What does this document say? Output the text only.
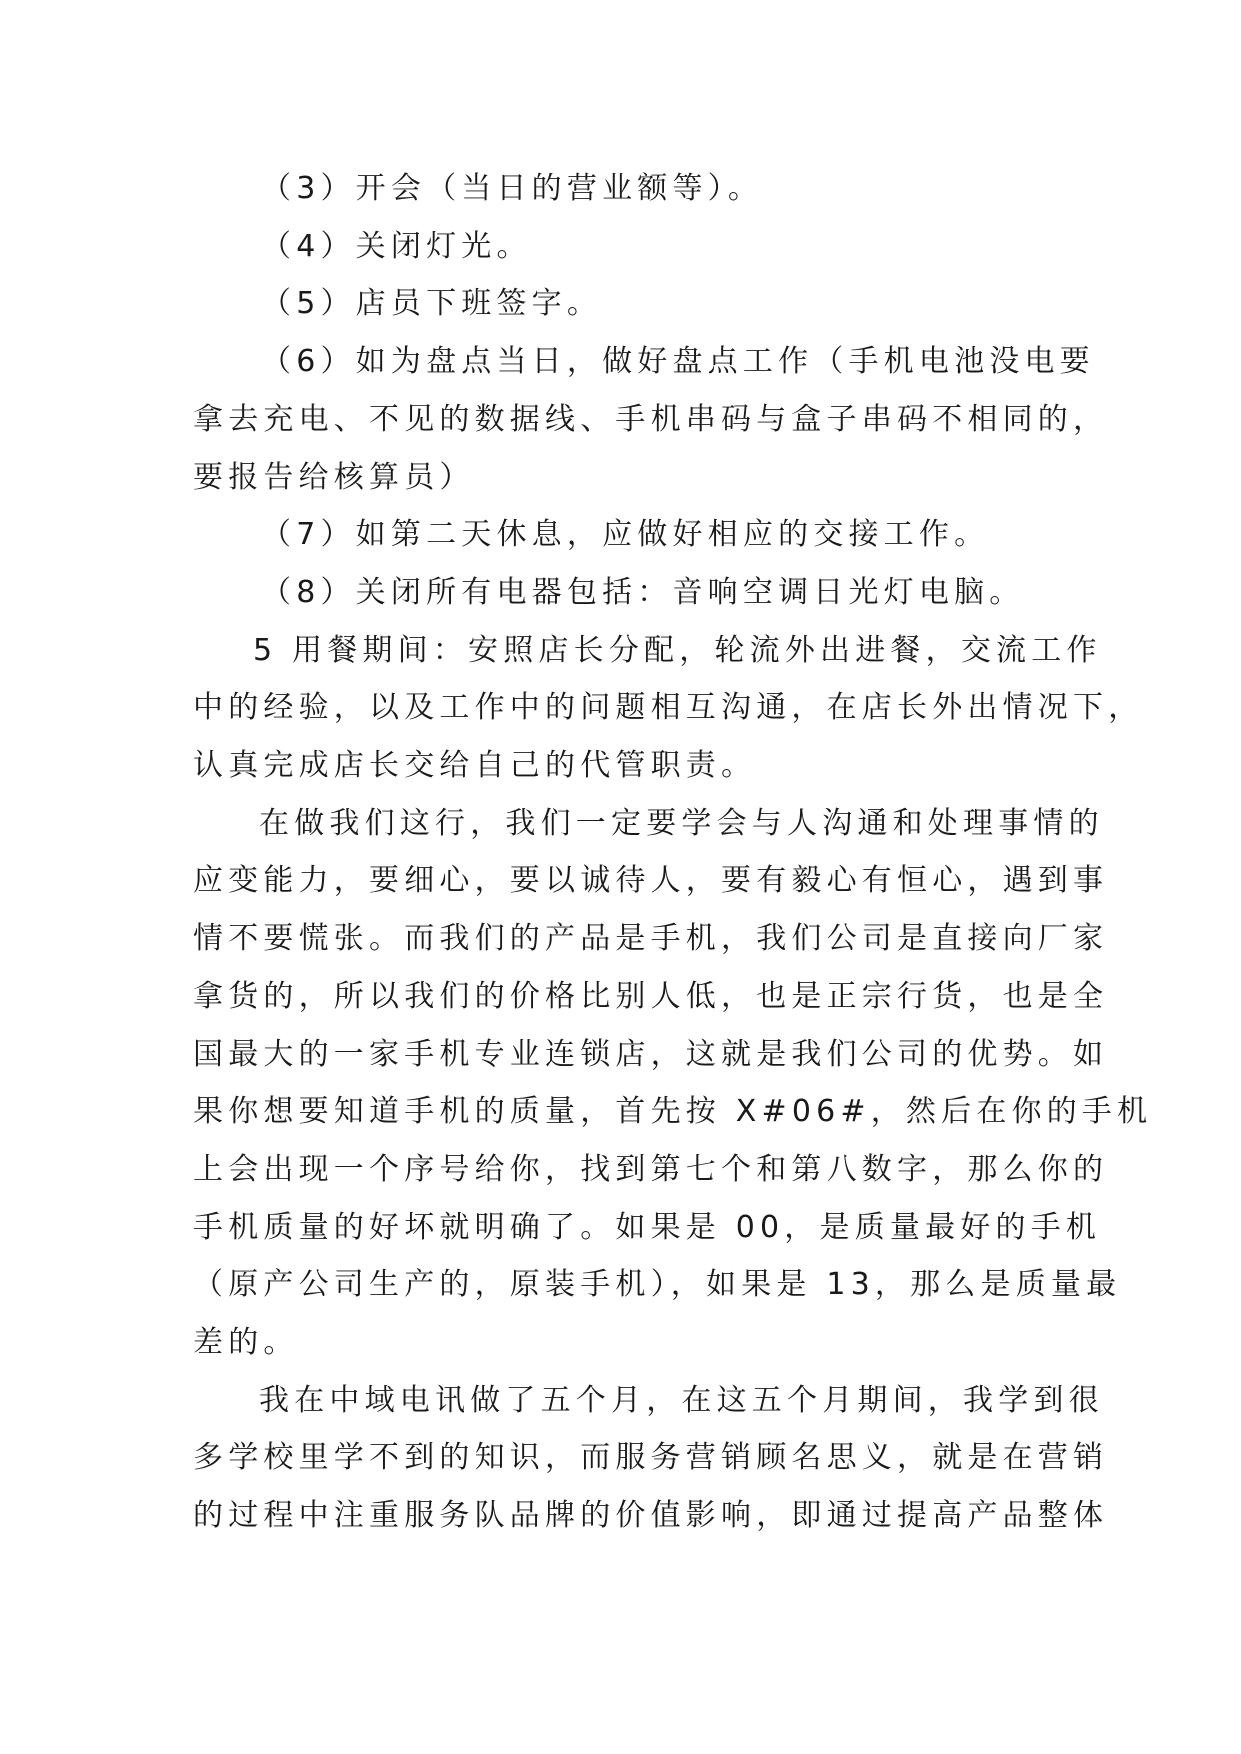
（3）开会（当日的营业额等）。

（4）关闭灯光。

（5）店员下班签字。

（6）如为盘点当日，做好盘点工作（手机电池没电要

拿去充电、不见的数据线、手机串码与盒子串码不相同的，

要报告给核算员）

（7）如第二天休息，应做好相应的交接工作。

（8）关闭所有电器包括：音响空调日光灯电脑。

5 用餐期间：安照店长分配，轮流外出进餐，交流工作

中的经验，以及工作中的问题相互沟通，在店长外出情况下，

认真完成店长交给自己的代管职责。

在做我们这行，我们一定要学会与人沟通和处理事情的

应变能力，要细心，要以诚待人，要有毅心有恒心，遇到事

情不要慌张。而我们的产品是手机，我们公司是直接向厂家

拿货的，所以我们的价格比别人低，也是正宗行货，也是全

国最大的一家手机专业连锁店，这就是我们公司的优势。如

果你想要知道手机的质量，首先按 X#06#，然后在你的手机

上会出现一个序号给你，找到第七个和第八数字，那么你的

手机质量的好坏就明确了。如果是 00，是质量最好的手机

（原产公司生产的，原装手机），如果是 13，那么是质量最

差的。

我在中域电讯做了五个月，在这五个月期间，我学到很

多学校里学不到的知识，而服务营销顾名思义，就是在营销

的过程中注重服务队品牌的价值影响，即通过提高产品整体
